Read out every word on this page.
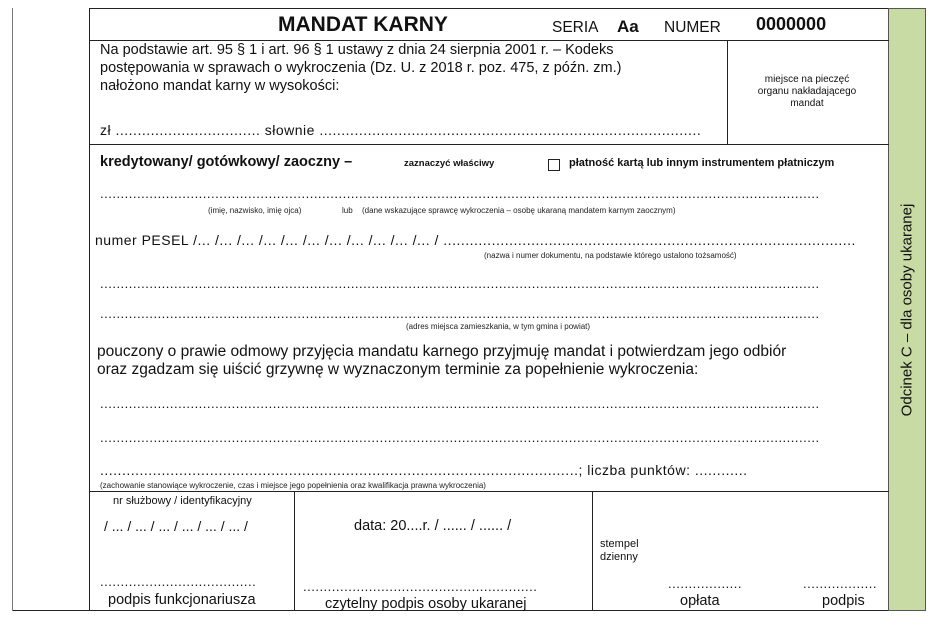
Odcinek C – dla osoby ukaranej
MANDAT KARNY	SERIA Aa NUMER 0000000
Na podstawie art. 95 § 1 i art. 96 § 1 ustawy z dnia 24 sierpnia 2001 r. – Kodeks
postępowania w sprawach o wykroczenia (Dz. U. z 2018 r. poz. 475, z późn. zm.)
nałożono mandat karny w wysokości:
zł ................................. słownie .......................................................................................
miejsce na pieczęć organu nakładającego mandat
kredytowany/ gotówkowy/ zaoczny –	zaznaczyć właściwy	płatność kartą lub innym instrumentem płatniczym
...............................................................................................................................................................................
(imię, nazwisko, imię ojca)	lub (dane wskazujące sprawcę wykroczenia – osobę ukaraną mandatem karnym zaocznym)
numer PESEL /... /... /... /... /... /... /... /... /... /... /... / ..............................................................................................
(nazwa i numer dokumentu, na podstawie którego ustalono tożsamość)
...............................................................................................................................................................................
...............................................................................................................................................................................
(adres miejsca zamieszkania, w tym gmina i powiat)
pouczony o prawie odmowy przyjęcia mandatu karnego przyjmuję mandat i potwierdzam jego odbiór
oraz zgadzam się uiścić grzywnę w wyznaczonym terminie za popełnienie wykroczenia:
...............................................................................................................................................................................
...............................................................................................................................................................................
.............................................................................................................; liczba punktów: ............
(zachowanie stanowiące wykroczenie, czas i miejsce jego popełnienia oraz kwalifikacja prawna wykroczenia)
nr służbowy / identyfikacyjny
/ ... / ... / ... / ... / ... / ... /
......................................
podpis funkcjonariusza
data: 20....r. / ...... / ...... /
.........................................................
czytelny podpis osoby ukaranej
stempel dzienny
..................
opłata
..................
podpis
